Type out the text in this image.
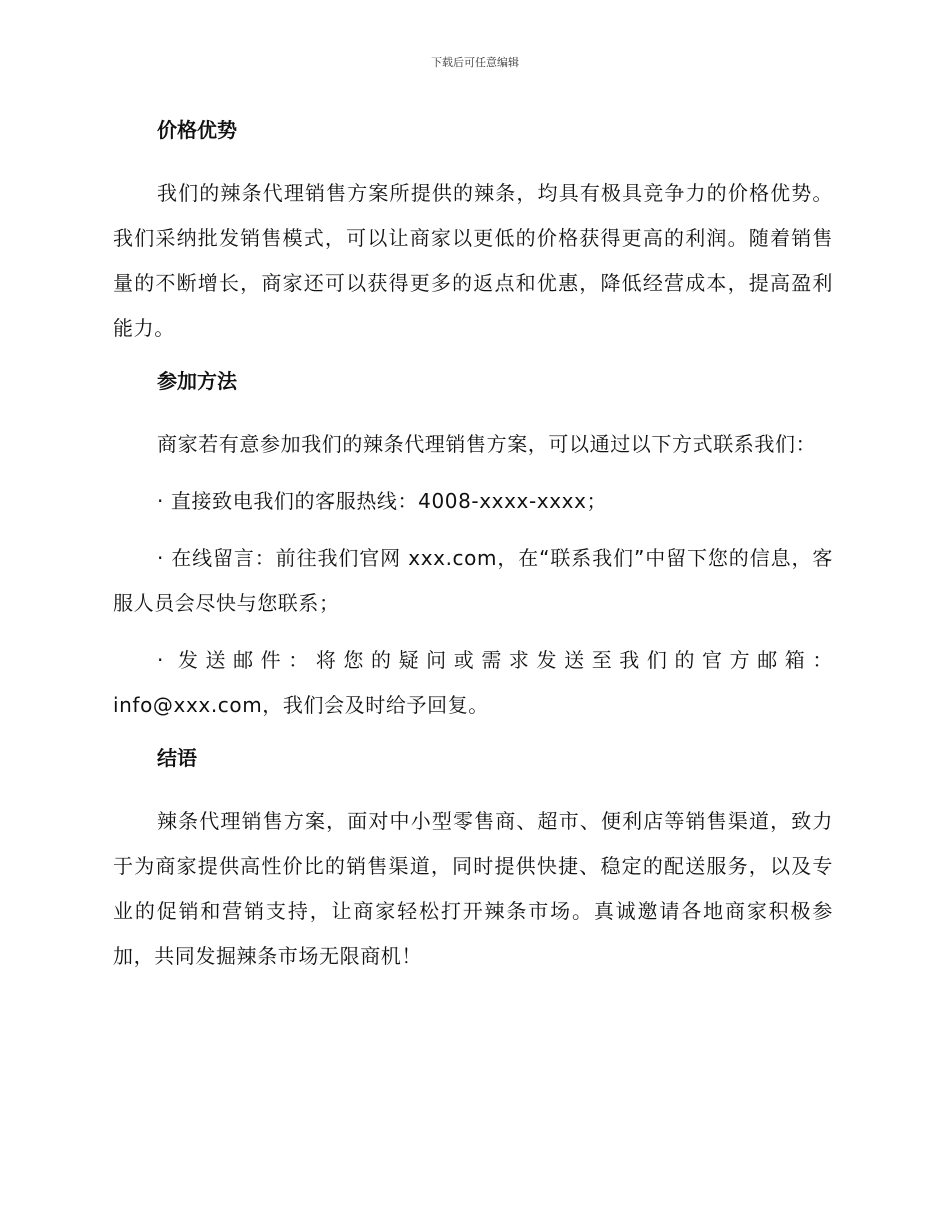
下载后可任意编辑
价格优势

我们的辣条代理销售方案所提供的辣条，均具有极具竞争力的价格优势。我们采纳批发销售模式，可以让商家以更低的价格获得更高的利润。随着销售量的不断增长，商家还可以获得更多的返点和优惠，降低经营成本，提高盈利能力。

参加方法

商家若有意参加我们的辣条代理销售方案，可以通过以下方式联系我们：

· 直接致电我们的客服热线：4008-xxxx-xxxx；

· 在线留言：前往我们官网 xxx.com，在“联系我们”中留下您的信息，客服人员会尽快与您联系；

· 发送邮件：将您的疑问或需求发送至我们的官方邮箱：info@xxx.com，我们会及时给予回复。

结语

辣条代理销售方案，面对中小型零售商、超市、便利店等销售渠道，致力于为商家提供高性价比的销售渠道，同时提供快捷、稳定的配送服务，以及专业的促销和营销支持，让商家轻松打开辣条市场。真诚邀请各地商家积极参加，共同发掘辣条市场无限商机！
